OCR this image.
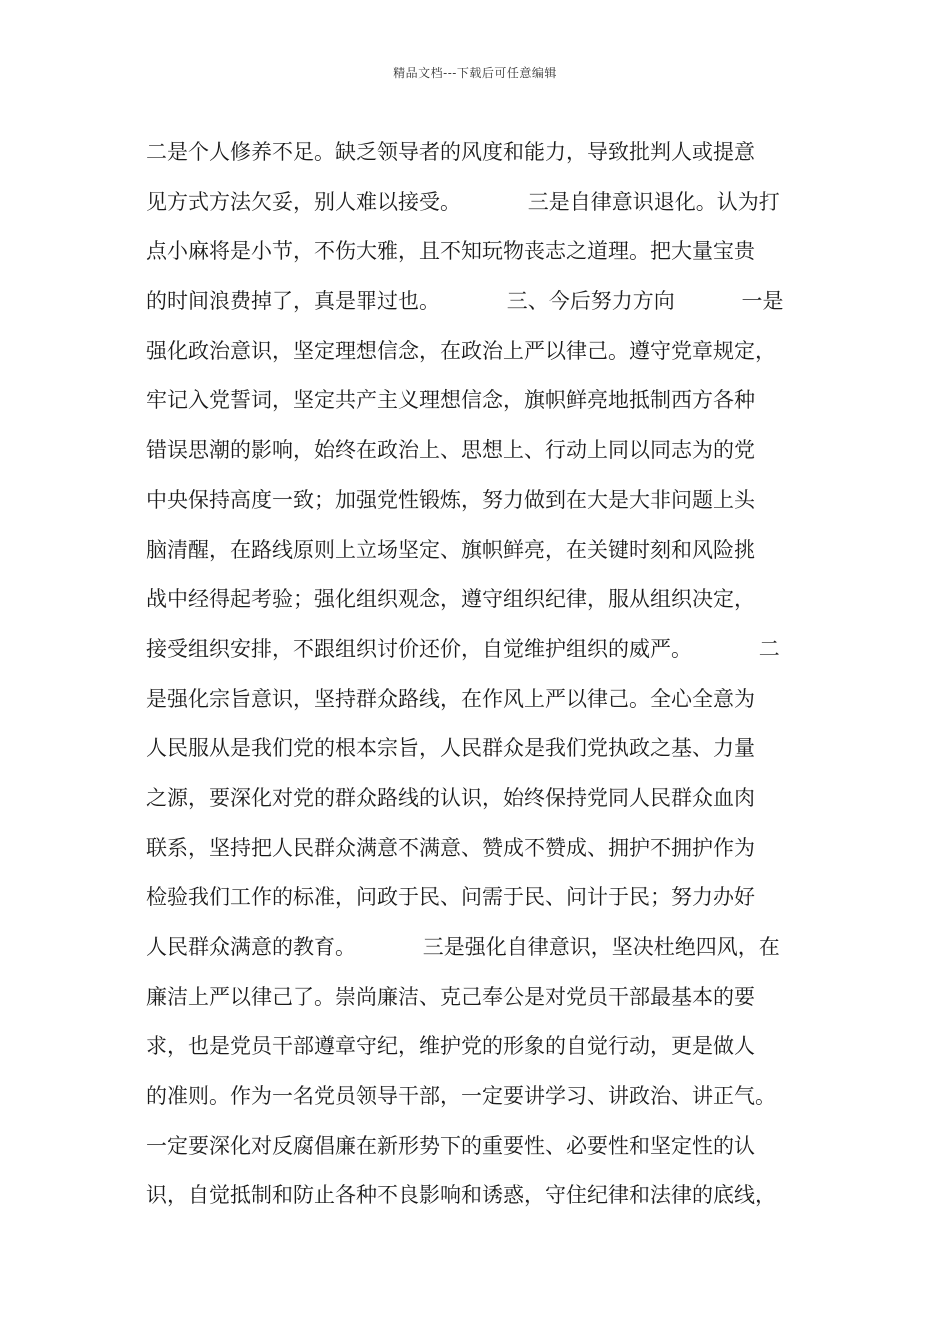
精品文档---下载后可任意编辑
二是个人修养不足。缺乏领导者的风度和能力，导致批判人或提意
见方式方法欠妥，别人难以接受。          三是自律意识退化。认为打
点小麻将是小节，不伤大雅，且不知玩物丧志之道理。把大量宝贵
的时间浪费掉了，真是罪过也。          三、今后努力方向          一是
强化政治意识，坚定理想信念，在政治上严以律己。遵守党章规定，
牢记入党誓词，坚定共产主义理想信念，旗帜鲜亮地抵制西方各种
错误思潮的影响，始终在政治上、思想上、行动上同以同志为的党
中央保持高度一致；加强党性锻炼，努力做到在大是大非问题上头
脑清醒，在路线原则上立场坚定、旗帜鲜亮，在关键时刻和风险挑
战中经得起考验；强化组织观念，遵守组织纪律，服从组织决定，
接受组织安排，不跟组织讨价还价，自觉维护组织的威严。          二
是强化宗旨意识，坚持群众路线，在作风上严以律己。全心全意为
人民服从是我们党的根本宗旨，人民群众是我们党执政之基、力量
之源，要深化对党的群众路线的认识，始终保持党同人民群众血肉
联系，坚持把人民群众满意不满意、赞成不赞成、拥护不拥护作为
检验我们工作的标准，问政于民、问需于民、问计于民；努力办好
人民群众满意的教育。          三是强化自律意识，坚决杜绝四风，在
廉洁上严以律己了。崇尚廉洁、克己奉公是对党员干部最基本的要
求，也是党员干部遵章守纪，维护党的形象的自觉行动，更是做人
的准则。作为一名党员领导干部，一定要讲学习、讲政治、讲正气。
一定要深化对反腐倡廉在新形势下的重要性、必要性和坚定性的认
识，自觉抵制和防止各种不良影响和诱惑，守住纪律和法律的底线，
